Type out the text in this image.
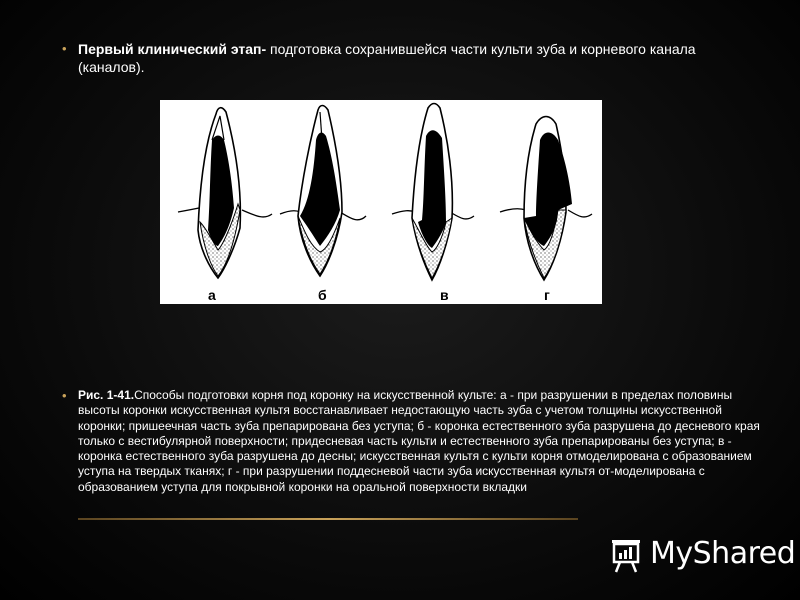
• Первый клинический этап- подготовка сохранившейся части культи зуба и корневого канала (каналов).
а	б	в	г
• Рис. 1-41.Способы подготовки корня под коронку на искусственной культе: а - при разрушении в пределах половины высоты коронки искусственная культя восстанавливает недостающую часть зуба с учетом толщины искусственной коронки; пришеечная часть зуба препарирована без уступа; б - коронка естественного зуба разрушена до десневого края только с вестибулярной поверхности; придесневая часть культи и естественного зуба препарированы без уступа; в - коронка естественного зуба разрушена до десны; искусственная культя с культи корня отмоделирована с образованием уступа на твердых тканях; г - при разрушении поддесневой части зуба искусственная культя от-моделирована с образованием уступа для покрывной коронки на оральной поверхности вкладки
MyShared
